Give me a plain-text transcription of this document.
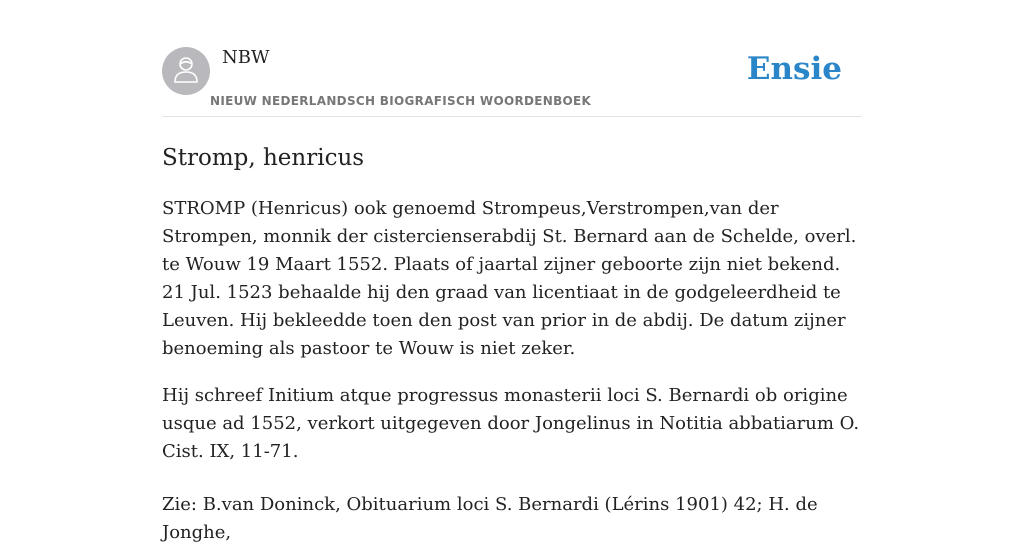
NBW
NIEUW NEDERLANDSCH BIOGRAFISCH WOORDENBOEK
Ensie
Stromp, henricus

STROMP (Henricus) ook genoemd Strompeus,Verstrompen,van der Strompen, monnik der cistercienserabdij St. Bernard aan de Schelde, overl. te Wouw 19 Maart 1552. Plaats of jaartal zijner geboorte zijn niet bekend. 21 Jul. 1523 behaalde hij den graad van licentiaat in de godgeleerdheid te Leuven. Hij bekleedde toen den post van prior in de abdij. De datum zijner benoeming als pastoor te Wouw is niet zeker.

Hij schreef Initium atque progressus monasterii loci S. Bernardi ob origine usque ad 1552, verkort uitgegeven door Jongelinus in Notitia abbatiarum O. Cist. IX, 11-71.

Zie: B.van Doninck, Obituarium loci S. Bernardi (Lérins 1901) 42; H. de Jonghe,
